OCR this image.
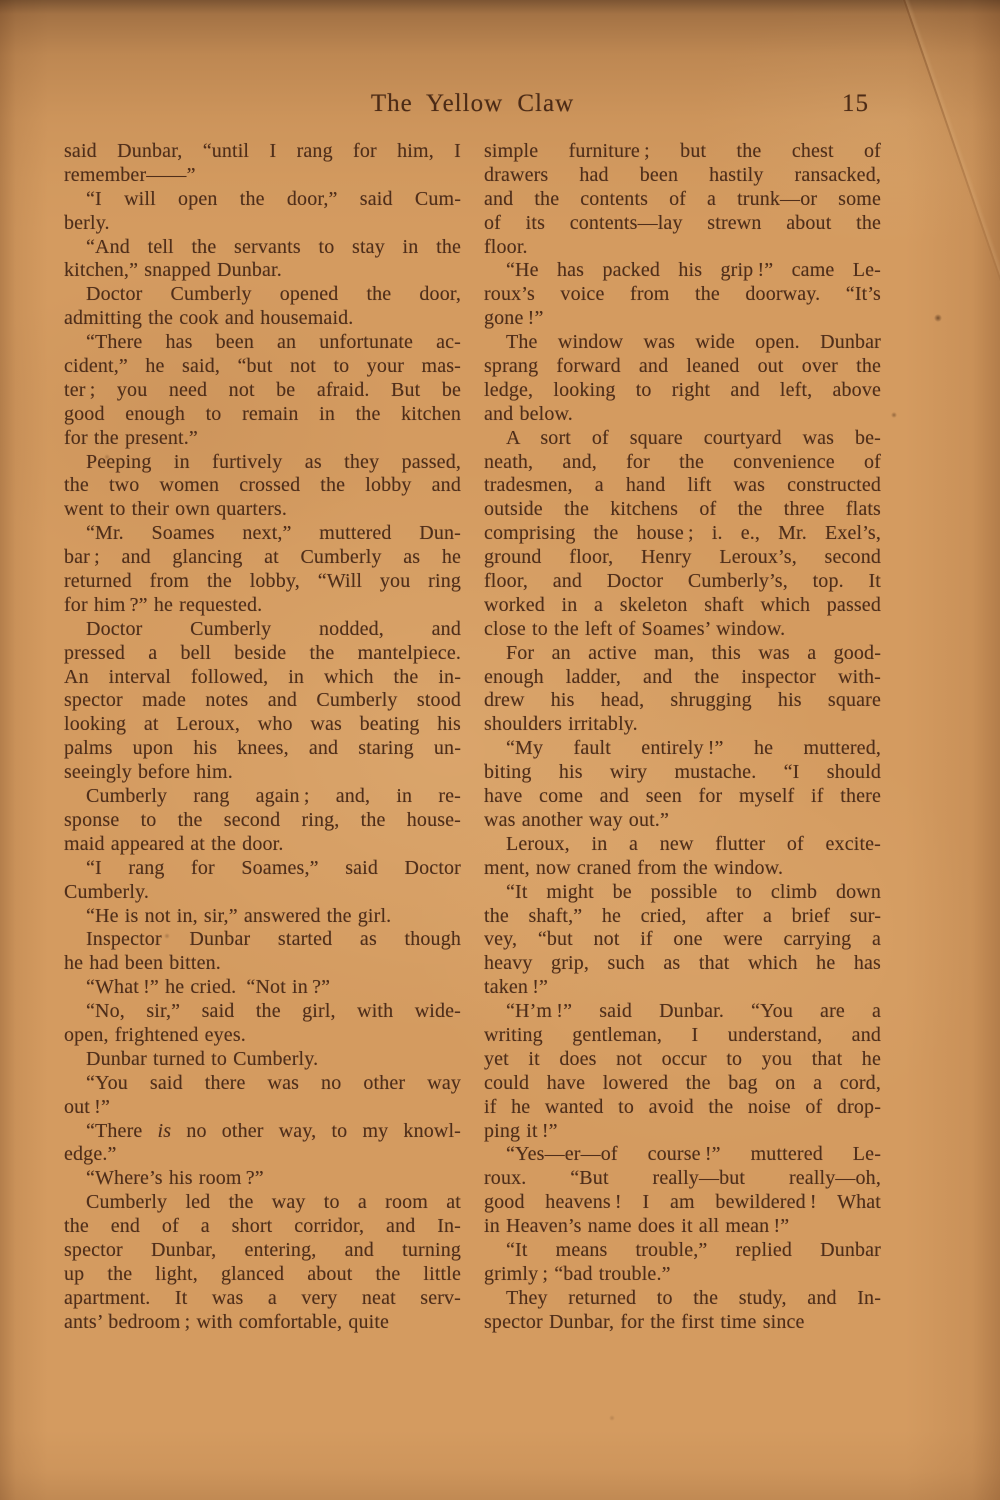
The Yellow Claw	15
said Dunbar, “until I rang for him, I
remember——”
“I will open the door,” said Cum-
berly.
“And tell the servants to stay in the
kitchen,” snapped Dunbar.
Doctor Cumberly opened the door,
admitting the cook and housemaid.
“There has been an unfortunate ac-
cident,” he said, “but not to your mas-
ter ; you need not be afraid. But be
good enough to remain in the kitchen
for the present.”
Peeping in furtively as they passed,
the two women crossed the lobby and
went to their own quarters.
“Mr. Soames next,” muttered Dun-
bar ; and glancing at Cumberly as he
returned from the lobby, “Will you ring
for him ?” he requested.
Doctor Cumberly nodded, and
pressed a bell beside the mantelpiece.
An interval followed, in which the in-
spector made notes and Cumberly stood
looking at Leroux, who was beating his
palms upon his knees, and staring un-
seeingly before him.
Cumberly rang again ; and, in re-
sponse to the second ring, the house-
maid appeared at the door.
“I rang for Soames,” said Doctor
Cumberly.
“He is not in, sir,” answered the girl.
Inspector Dunbar started as though
he had been bitten.
“What !” he cried. “Not in ?”
“No, sir,” said the girl, with wide-
open, frightened eyes.
Dunbar turned to Cumberly.
“You said there was no other way
out !”
“There is no other way, to my knowl-
edge.”
“Where’s his room ?”
Cumberly led the way to a room at
the end of a short corridor, and In-
spector Dunbar, entering, and turning
up the light, glanced about the little
apartment. It was a very neat serv-
ants’ bedroom ; with comfortable, quite
simple furniture ; but the chest of
drawers had been hastily ransacked,
and the contents of a trunk—or some
of its contents—lay strewn about the
floor.
“He has packed his grip !” came Le-
roux’s voice from the doorway. “It’s
gone !”
The window was wide open. Dunbar
sprang forward and leaned out over the
ledge, looking to right and left, above
and below.
A sort of square courtyard was be-
neath, and, for the convenience of
tradesmen, a hand lift was constructed
outside the kitchens of the three flats
comprising the house ; i. e., Mr. Exel’s,
ground floor, Henry Leroux’s, second
floor, and Doctor Cumberly’s, top. It
worked in a skeleton shaft which passed
close to the left of Soames’ window.
For an active man, this was a good-
enough ladder, and the inspector with-
drew his head, shrugging his square
shoulders irritably.
“My fault entirely !” he muttered,
biting his wiry mustache. “I should
have come and seen for myself if there
was another way out.”
Leroux, in a new flutter of excite-
ment, now craned from the window.
“It might be possible to climb down
the shaft,” he cried, after a brief sur-
vey, “but not if one were carrying a
heavy grip, such as that which he has
taken !”
“H’m !” said Dunbar. “You are a
writing gentleman, I understand, and
yet it does not occur to you that he
could have lowered the bag on a cord,
if he wanted to avoid the noise of drop-
ping it !”
“Yes—er—of course !” muttered Le-
roux. “But really—but really—oh,
good heavens ! I am bewildered ! What
in Heaven’s name does it all mean !”
“It means trouble,” replied Dunbar
grimly ; “bad trouble.”
They returned to the study, and In-
spector Dunbar, for the first time since
